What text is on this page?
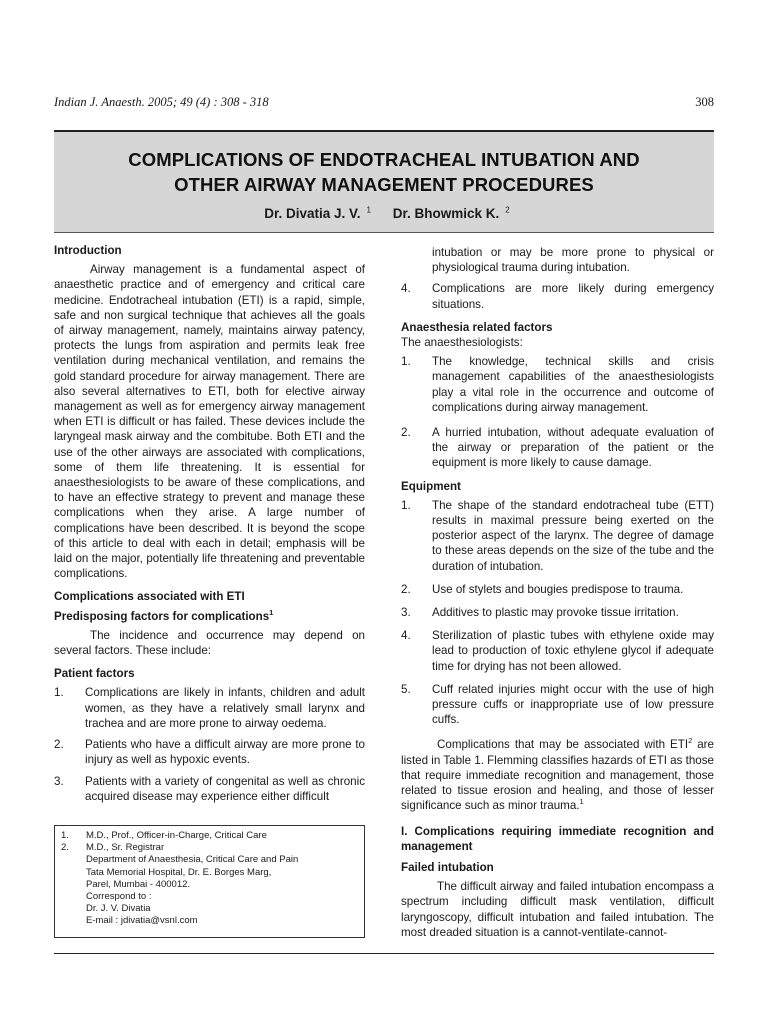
Indian J. Anaesth. 2005; 49 (4) : 308 - 318	308
COMPLICATIONS OF ENDOTRACHEAL INTUBATION AND
OTHER AIRWAY MANAGEMENT PROCEDURES
Dr. Divatia J. V. $^1$ Dr. Bhowmick K. $^2$

Introduction

Airway management is a fundamental aspect of anaesthetic practice and of emergency and critical care medicine. Endotracheal intubation (ETI) is a rapid, simple, safe and non surgical technique that achieves all the goals of airway management, namely, maintains airway patency, protects the lungs from aspiration and permits leak free ventilation during mechanical ventilation, and remains the gold standard procedure for airway management. There are also several alternatives to ETI, both for elective airway management as well as for emergency airway management when ETI is difficult or has failed. These devices include the laryngeal mask airway and the combitube. Both ETI and the use of the other airways are associated with complications, some of them life threatening. It is essential for anaesthesiologists to be aware of these complications, and to have an effective strategy to prevent and manage these complications when they arise. A large number of complications have been described. It is beyond the scope of this article to deal with each in detail; emphasis will be laid on the major, potentially life threatening and preventable complications.

Complications associated with ETI

Predisposing factors for complications$^1$

The incidence and occurrence may depend on several factors. These include:

Patient factors

1. Complications are likely in infants, children and adult women, as they have a relatively small larynx and trachea and are more prone to airway oedema.
2. Patients who have a difficult airway are more prone to injury as well as hypoxic events.
3. Patients with a variety of congenital as well as chronic acquired disease may experience either difficult
intubation or may be more prone to physical or physiological trauma during intubation.
4. Complications are more likely during emergency situations.

Anaesthesia related factors

The anaesthesiologists:

1. The knowledge, technical skills and crisis management capabilities of the anaesthesiologists play a vital role in the occurrence and outcome of complications during airway management.
2. A hurried intubation, without adequate evaluation of the airway or preparation of the patient or the equipment is more likely to cause damage.

Equipment

1. The shape of the standard endotracheal tube (ETT) results in maximal pressure being exerted on the posterior aspect of the larynx. The degree of damage to these areas depends on the size of the tube and the duration of intubation.
2. Use of stylets and bougies predispose to trauma.
3. Additives to plastic may provoke tissue irritation.
4. Sterilization of plastic tubes with ethylene oxide may lead to production of toxic ethylene glycol if adequate time for drying has not been allowed.
5. Cuff related injuries might occur with the use of high pressure cuffs or inappropriate use of low pressure cuffs.

Complications that may be associated with ETI$^2$ are listed in Table 1. Flemming classifies hazards of ETI as those that require immediate recognition and management, those related to tissue erosion and healing, and those of lesser significance such as minor trauma.$^1$

I. Complications requiring immediate recognition and management

Failed intubation

The difficult airway and failed intubation encompass a spectrum including difficult mask ventilation, difficult laryngoscopy, difficult intubation and failed intubation. The most dreaded situation is a cannot-ventilate-cannot-

1. M.D., Prof., Officer-in-Charge, Critical Care
2. M.D., Sr. Registrar
Department of Anaesthesia, Critical Care and Pain
Tata Memorial Hospital, Dr. E. Borges Marg,
Parel, Mumbai - 400012.
Correspond to :
Dr. J. V. Divatia
E-mail : jdivatia@vsnl.com
